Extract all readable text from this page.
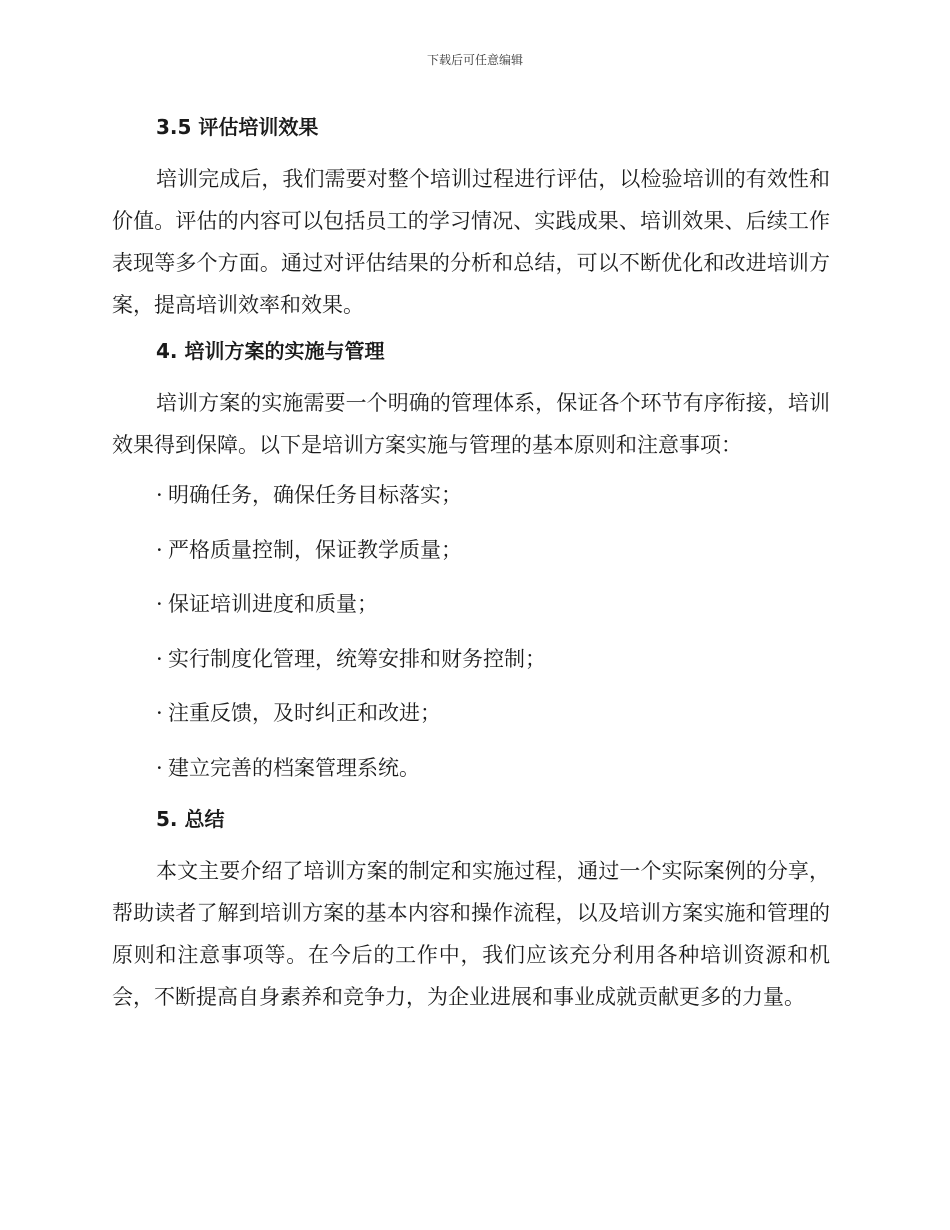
下载后可任意编辑
3.5 评估培训效果

培训完成后，我们需要对整个培训过程进行评估，以检验培训的有效性和价值。评估的内容可以包括员工的学习情况、实践成果、培训效果、后续工作表现等多个方面。通过对评估结果的分析和总结，可以不断优化和改进培训方案，提高培训效率和效果。

4. 培训方案的实施与管理

培训方案的实施需要一个明确的管理体系，保证各个环节有序衔接，培训效果得到保障。以下是培训方案实施与管理的基本原则和注意事项：

· 明确任务，确保任务目标落实；
· 严格质量控制，保证教学质量；
· 保证培训进度和质量；
· 实行制度化管理，统筹安排和财务控制；
· 注重反馈，及时纠正和改进；
· 建立完善的档案管理系统。
5. 总结

本文主要介绍了培训方案的制定和实施过程，通过一个实际案例的分享，帮助读者了解到培训方案的基本内容和操作流程，以及培训方案实施和管理的原则和注意事项等。在今后的工作中，我们应该充分利用各种培训资源和机会，不断提高自身素养和竞争力，为企业进展和事业成就贡献更多的力量。
